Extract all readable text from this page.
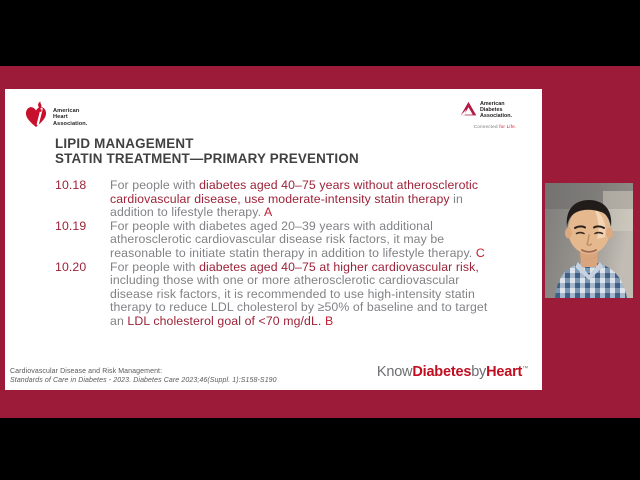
American
Heart
Association.
American
Diabetes
Association.
Connected for Life.
LIPID MANAGEMENT
STATIN TREATMENT—PRIMARY PREVENTION
10.18	For people with diabetes aged 40–75 years without atherosclerotic cardiovascular disease, use moderate-intensity statin therapy in addition to lifestyle therapy. A
10.19	For people with diabetes aged 20–39 years with additional atherosclerotic cardiovascular disease risk factors, it may be reasonable to initiate statin therapy in addition to lifestyle therapy. C
10.20	For people with diabetes aged 40–75 at higher cardiovascular risk, including those with one or more atherosclerotic cardiovascular disease risk factors, it is recommended to use high-intensity statin therapy to reduce LDL cholesterol by ≥50% of baseline and to target an LDL cholesterol goal of <70 mg/dL. B
Cardiovascular Disease and Risk Management:
Standards of Care in Diabetes - 2023. Diabetes Care 2023;46(Suppl. 1):S158-S190
KnowDiabetesbyHeart™
